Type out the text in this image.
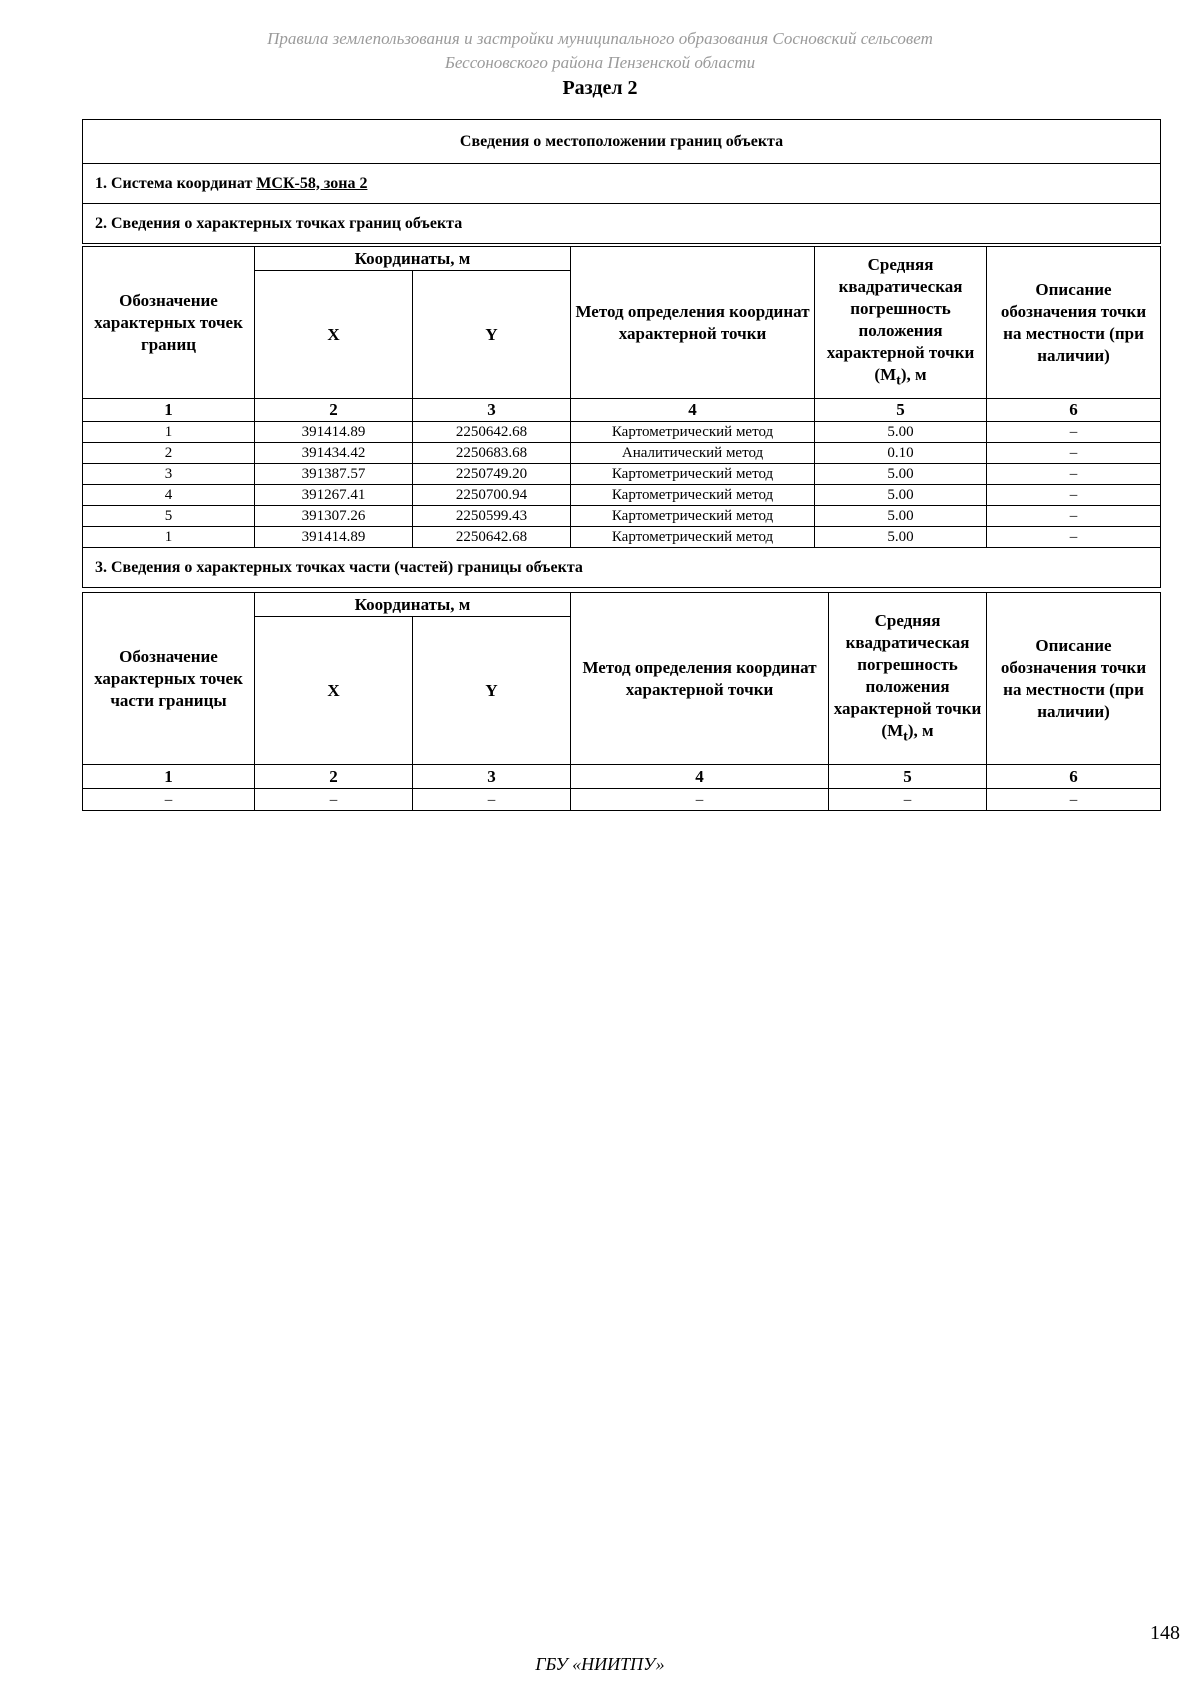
Правила землепользования и застройки муниципального образования Сосновский сельсовет
Бессоновского района Пензенской области
Раздел 2
Сведения о местоположении границ объекта
1. Система координат МСК-58, зона 2
2. Сведения о характерных точках границ объекта
Обозначение характерных точек границ	Координаты, м		Метод определения координат характерной точки	Средняя квадратическая погрешность положения характерной точки $(M_t)$, м	Описание обозначения точки на местности (при наличии)
	X	Y			
1	2	3	4	5	6
1	391414.89	2250642.68	Картометрический метод	5.00	–
2	391434.42	2250683.68	Аналитический метод	0.10	–
3	391387.57	2250749.20	Картометрический метод	5.00	–
4	391267.41	2250700.94	Картометрический метод	5.00	–
5	391307.26	2250599.43	Картометрический метод	5.00	–
1	391414.89	2250642.68	Картометрический метод	5.00	–
3. Сведения о характерных точках части (частей) границы объекта					
Обозначение характерных точек части границы	Координаты, м		Метод определения координат характерной точки	Средняя квадратическая погрешность положения характерной точки $(M_t)$, м	Описание обозначения точки на местности (при наличии)
	X	Y			
1	2	3	4	5	6
–	–	–	–	–	–
148
ГБУ «НИИТПУ»
